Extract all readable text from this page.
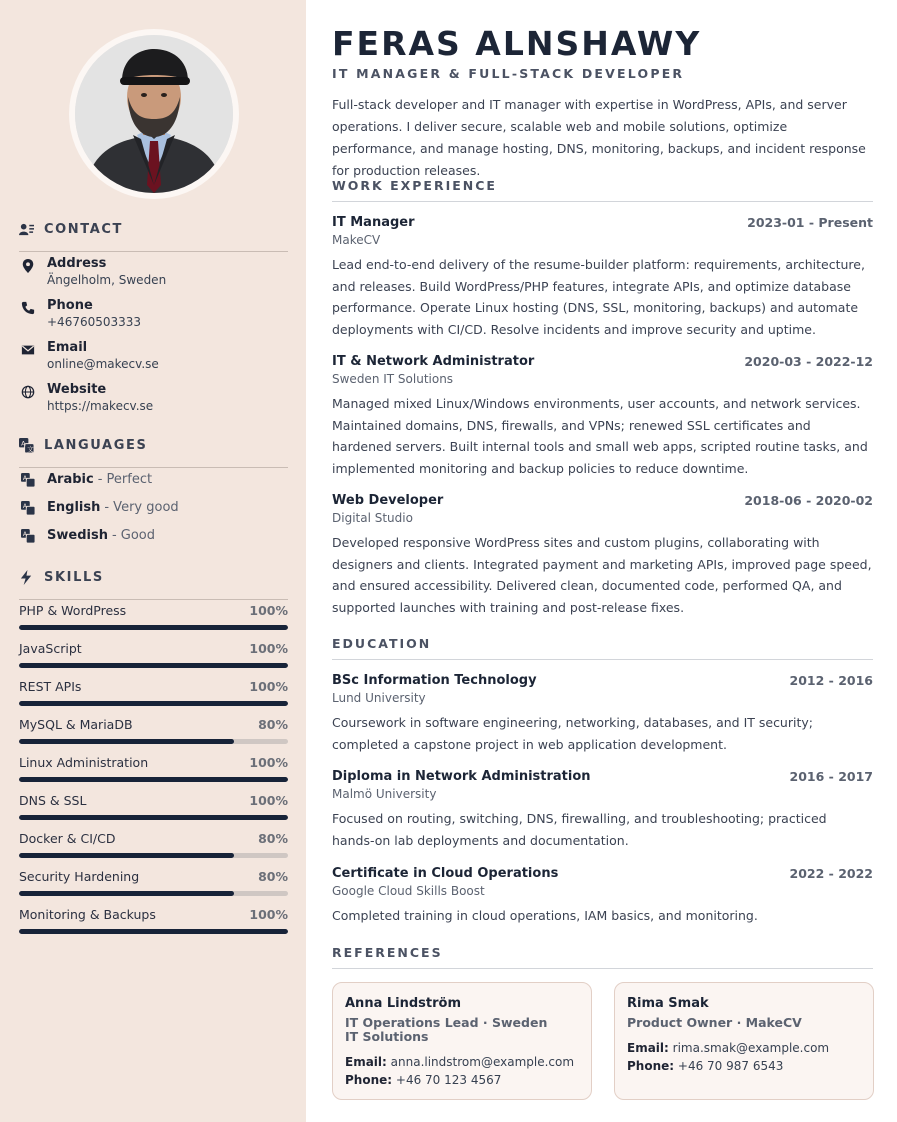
CONTACT
Address
Ängelholm, Sweden
Phone
+46760503333
Email
online@makecv.se
Website
https://makecv.se
A
文 LANGUAGES
A Arabic - Perfect
A English - Very good
A Swedish - Good
SKILLS
PHP & WordPress	100%
JavaScript	100%
REST APIs	100%
MySQL & MariaDB	80%
Linux Administration	100%
DNS & SSL	100%
Docker & CI/CD	80%
Security Hardening	80%
Monitoring & Backups	100%
FERAS ALNSHAWY
IT MANAGER & FULL-STACK DEVELOPER
Full-stack developer and IT manager with expertise in WordPress, APIs, and server operations. I deliver secure, scalable web and mobile solutions, optimize performance, and manage hosting, DNS, monitoring, backups, and incident response for production releases.
WORK EXPERIENCE
IT Manager	2023-01 - Present
MakeCV
Lead end-to-end delivery of the resume-builder platform: requirements, architecture, and releases. Build WordPress/PHP features, integrate APIs, and optimize database performance. Operate Linux hosting (DNS, SSL, monitoring, backups) and automate deployments with CI/CD. Resolve incidents and improve security and uptime.
IT & Network Administrator	2020-03 - 2022-12
Sweden IT Solutions
Managed mixed Linux/Windows environments, user accounts, and network services. Maintained domains, DNS, firewalls, and VPNs; renewed SSL certificates and hardened servers. Built internal tools and small web apps, scripted routine tasks, and implemented monitoring and backup policies to reduce downtime.
Web Developer	2018-06 - 2020-02
Digital Studio
Developed responsive WordPress sites and custom plugins, collaborating with designers and clients. Integrated payment and marketing APIs, improved page speed, and ensured accessibility. Delivered clean, documented code, performed QA, and supported launches with training and post-release fixes.
EDUCATION
BSc Information Technology	2012 - 2016
Lund University
Coursework in software engineering, networking, databases, and IT security; completed a capstone project in web application development.
Diploma in Network Administration	2016 - 2017
Malmö University
Focused on routing, switching, DNS, firewalling, and troubleshooting; practiced hands-on lab deployments and documentation.
Certificate in Cloud Operations	2022 - 2022
Google Cloud Skills Boost
Completed training in cloud operations, IAM basics, and monitoring.
REFERENCES
Anna Lindström
IT Operations Lead · Sweden IT Solutions
Email: anna.lindstrom@example.com
Phone: +46 70 123 4567
Rima Smak
Product Owner · MakeCV
Email: rima.smak@example.com
Phone: +46 70 987 6543
